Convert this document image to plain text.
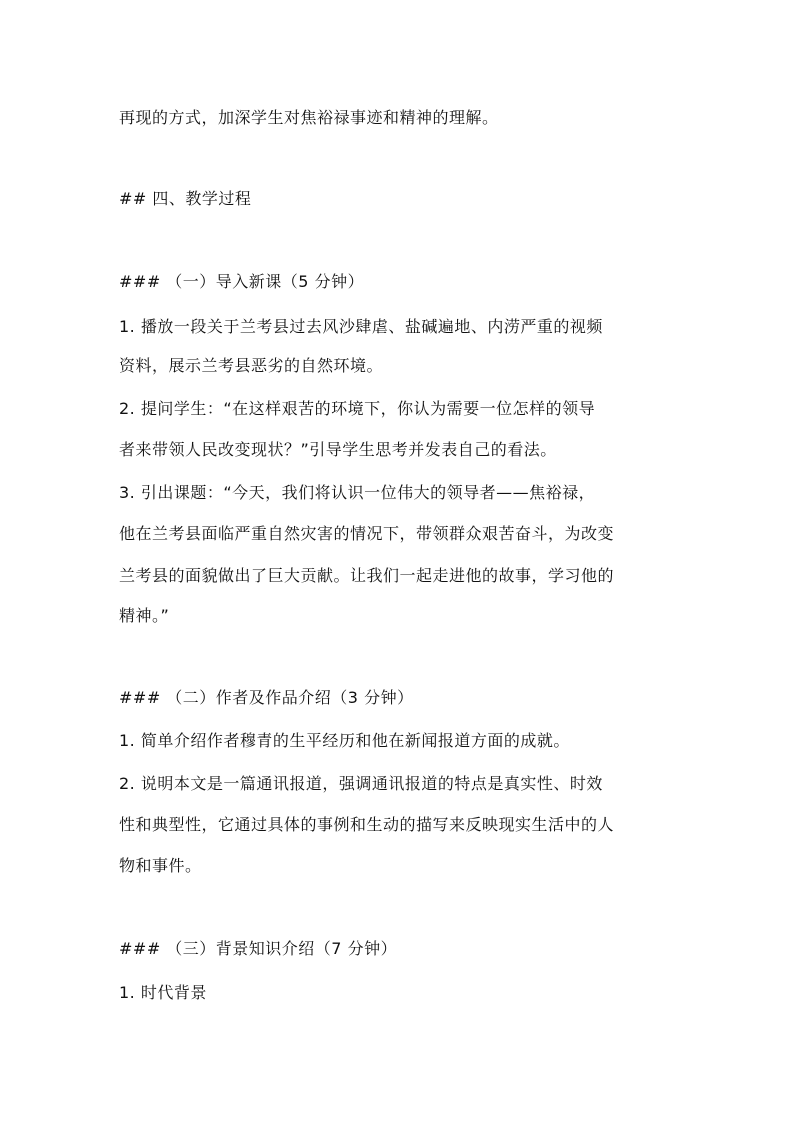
再现的方式，加深学生对焦裕禄事迹和精神的理解。
## 四、教学过程
### （一）导入新课（5 分钟）
1. 播放一段关于兰考县过去风沙肆虐、盐碱遍地、内涝严重的视频
资料，展示兰考县恶劣的自然环境。
2. 提问学生：“在这样艰苦的环境下，你认为需要一位怎样的领导
者来带领人民改变现状？”引导学生思考并发表自己的看法。
3. 引出课题：“今天，我们将认识一位伟大的领导者——焦裕禄，
他在兰考县面临严重自然灾害的情况下，带领群众艰苦奋斗，为改变
兰考县的面貌做出了巨大贡献。让我们一起走进他的故事，学习他的
精神。”
### （二）作者及作品介绍（3 分钟）
1. 简单介绍作者穆青的生平经历和他在新闻报道方面的成就。
2. 说明本文是一篇通讯报道，强调通讯报道的特点是真实性、时效
性和典型性，它通过具体的事例和生动的描写来反映现实生活中的人
物和事件。
### （三）背景知识介绍（7 分钟）
1. 时代背景
